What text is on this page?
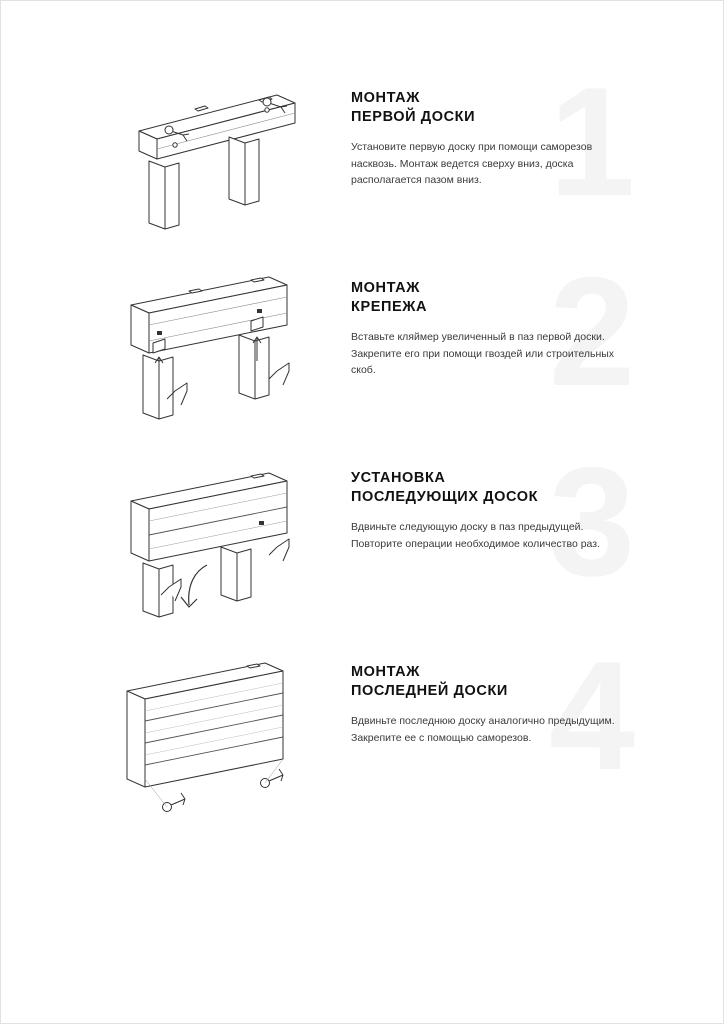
1
МОНТАЖ
ПЕРВОЙ ДОСКИ

Установите первую доску при помощи саморезов насквозь. Монтаж ведется сверху вниз, доска располагается пазом вниз.

2
МОНТАЖ
КРЕПЕЖА

Вставьте кляймер увеличенный в паз первой доски. Закрепите его при помощи гвоздей или строительных скоб.

3
УСТАНОВКА
ПОСЛЕДУЮЩИХ ДОСОК

Вдвиньте следующую доску в паз предыдущей. Повторите операции необходимое количество раз.

4
МОНТАЖ
ПОСЛЕДНЕЙ ДОСКИ

Вдвиньте последнюю доску аналогично предыдущим. Закрепите ее с помощью саморезов.
